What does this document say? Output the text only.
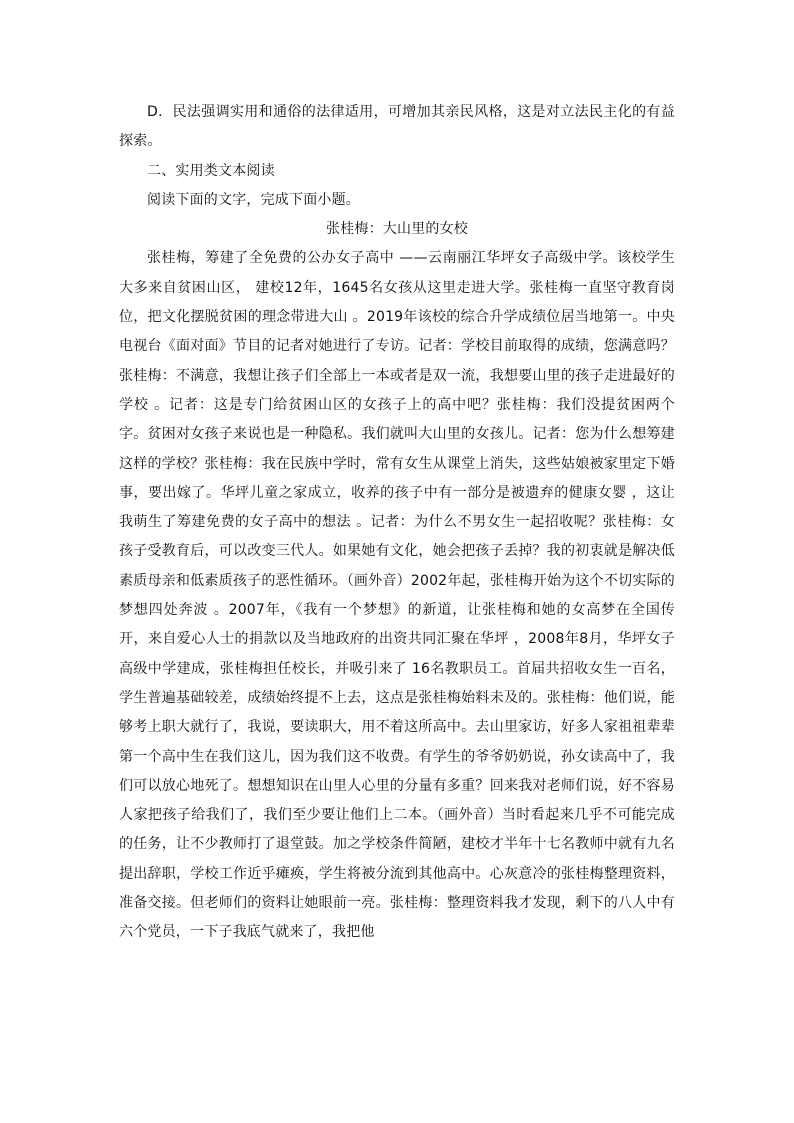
D．民法强调实用和通俗的法律适用，可增加其亲民风格，这是对立法民主化的有益探索。

二、实用类文本阅读

阅读下面的文字，完成下面小题。

张桂梅：大山里的女校

张桂梅，筹建了全免费的公办女子高中 ——云南丽江华坪女子高级中学。该校学生大多来自贫困山区， 建校12年，1645名女孩从这里走进大学。张桂梅一直坚守教育岗位，把文化摆脱贫困的理念带进大山 。2019年该校的综合升学成绩位居当地第一。中央电视台《面对面》节目的记者对她进行了专访。记者：学校目前取得的成绩，您满意吗？张桂梅：不满意，我想让孩子们全部上一本或者是双一流，我想要山里的孩子走进最好的学校 。记者：这是专门给贫困山区的女孩子上的高中吧？张桂梅：我们没提贫困两个字。贫困对女孩子来说也是一种隐私。我们就叫大山里的女孩儿。记者：您为什么想筹建这样的学校？张桂梅：我在民族中学时，常有女生从课堂上消失，这些姑娘被家里定下婚事，要出嫁了。华坪儿童之家成立，收养的孩子中有一部分是被遗弃的健康女婴 ，这让我萌生了筹建免费的女子高中的想法 。记者：为什么不男女生一起招收呢？张桂梅：女孩子受教育后，可以改变三代人。如果她有文化，她会把孩子丢掉？我的初衷就是解决低素质母亲和低素质孩子的恶性循环。（画外音）2002年起，张桂梅开始为这个不切实际的梦想四处奔波 。2007年，《我有一个梦想》的新道，让张桂梅和她的女高梦在全国传开，来自爱心人士的捐款以及当地政府的出资共同汇聚在华坪 ，2008年8月，华坪女子高级中学建成，张桂梅担任校长，并吸引来了 16名教职员工。首届共招收女生一百名，学生普遍基础较差，成绩始终提不上去，这点是张桂梅始料未及的。张桂梅：他们说，能够考上职大就行了，我说，要读职大，用不着这所高中。去山里家访，好多人家祖祖辈辈第一个高中生在我们这儿，因为我们这不收费。有学生的爷爷奶奶说，孙女读高中了，我们可以放心地死了。想想知识在山里人心里的分量有多重？回来我对老师们说，好不容易人家把孩子给我们了，我们至少要让他们上二本。（画外音）当时看起来几乎不可能完成的任务，让不少教师打了退堂鼓。加之学校条件简陋，建校才半年十七名教师中就有九名提出辞职，学校工作近乎瘫痪，学生将被分流到其他高中。心灰意冷的张桂梅整理资料，准备交接。但老师们的资料让她眼前一亮。张桂梅：整理资料我才发现，剩下的八人中有六个党员，一下子我底气就来了，我把他
